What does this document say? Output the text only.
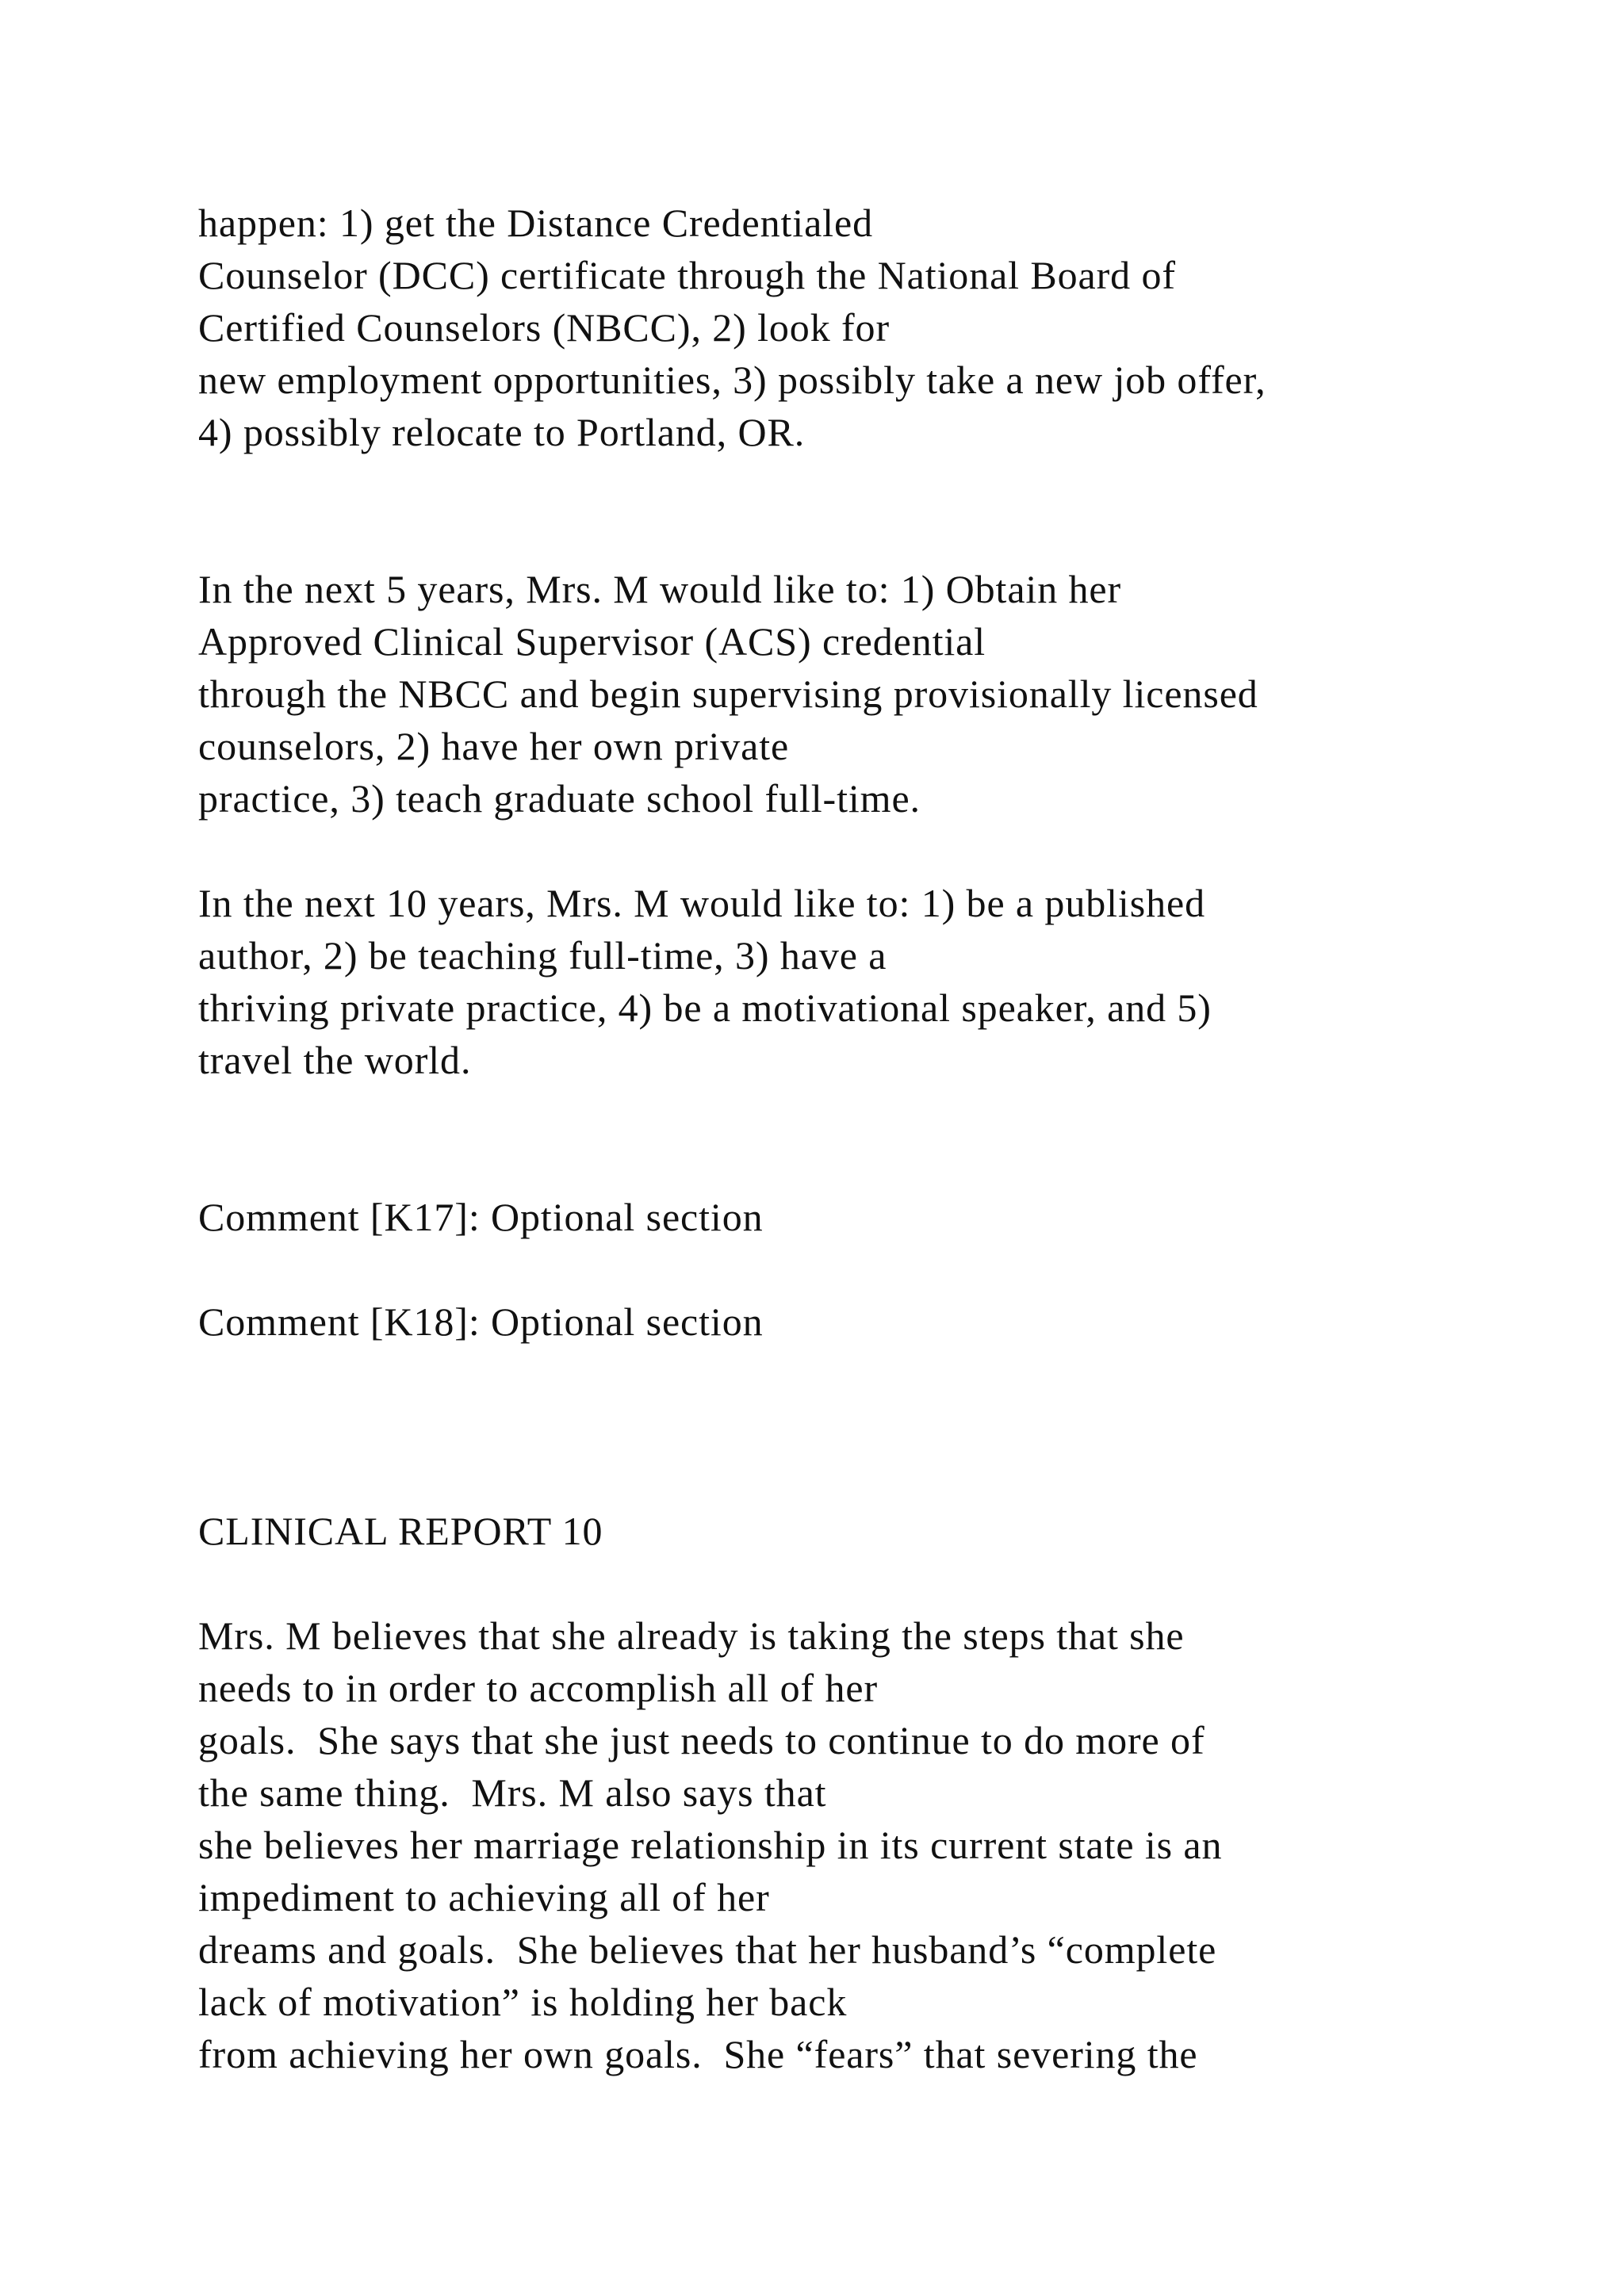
happen: 1) get the Distance Credentialed
Counselor (DCC) certificate through the National Board of
Certified Counselors (NBCC), 2) look for
new employment opportunities, 3) possibly take a new job offer,
4) possibly relocate to Portland, OR.
In the next 5 years, Mrs. M would like to: 1) Obtain her
Approved Clinical Supervisor (ACS) credential
through the NBCC and begin supervising provisionally licensed
counselors, 2) have her own private
practice, 3) teach graduate school full-time.
In the next 10 years, Mrs. M would like to: 1) be a published
author, 2) be teaching full-time, 3) have a
thriving private practice, 4) be a motivational speaker, and 5)
travel the world.
Comment [K17]: Optional section
Comment [K18]: Optional section
CLINICAL REPORT 10
Mrs. M believes that she already is taking the steps that she
needs to in order to accomplish all of her
goals.  She says that she just needs to continue to do more of
the same thing.  Mrs. M also says that
she believes her marriage relationship in its current state is an
impediment to achieving all of her
dreams and goals.  She believes that her husband’s “complete
lack of motivation” is holding her back
from achieving her own goals.  She “fears” that severing the
